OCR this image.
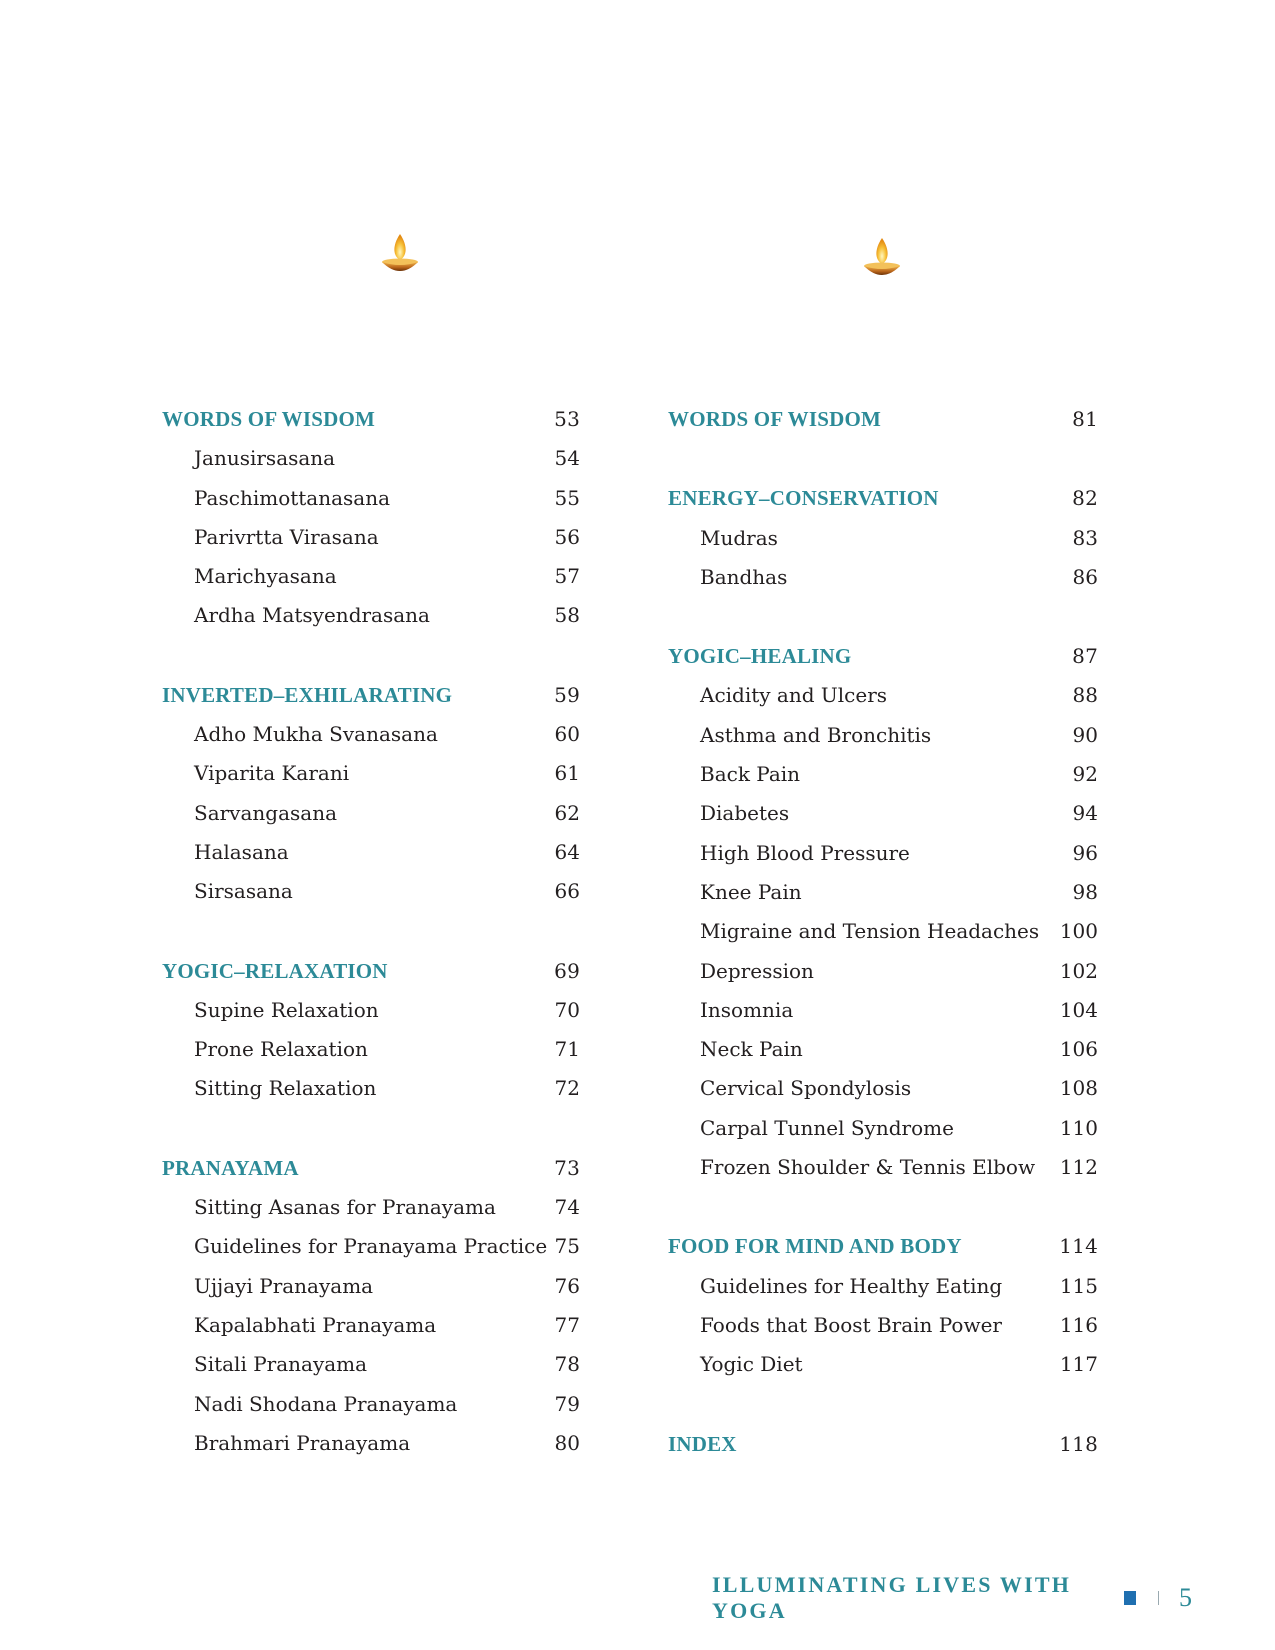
WORDS OF WISDOM	53
Janusirsasana	54
Paschimottanasana	55
Parivrtta Virasana	56
Marichyasana	57
Ardha Matsyendrasana	58
INVERTED–EXHILARATING	59
Adho Mukha Svanasana	60
Viparita Karani	61
Sarvangasana	62
Halasana	64
Sirsasana	66
YOGIC–RELAXATION	69
Supine Relaxation	70
Prone Relaxation	71
Sitting Relaxation	72
PRANAYAMA	73
Sitting Asanas for Pranayama	74
Guidelines for Pranayama Practice 75
Ujjayi Pranayama	76
Kapalabhati Pranayama	77
Sitali Pranayama	78
Nadi Shodana Pranayama	79
Brahmari Pranayama	80
WORDS OF WISDOM	81
ENERGY–CONSERVATION	82
Mudras	83
Bandhas	86
YOGIC–HEALING	87
Acidity and Ulcers	88
Asthma and Bronchitis	90
Back Pain	92
Diabetes	94
High Blood Pressure	96
Knee Pain	98
Migraine and Tension Headaches	100
Depression	102
Insomnia	104
Neck Pain	106
Cervical Spondylosis	108
Carpal Tunnel Syndrome	110
Frozen Shoulder & Tennis Elbow	112
FOOD FOR MIND AND BODY	114
Guidelines for Healthy Eating	115
Foods that Boost Brain Power	116
Yogic Diet	117
INDEX	118
ILLUMINATING LIVES WITH YOGA	5
